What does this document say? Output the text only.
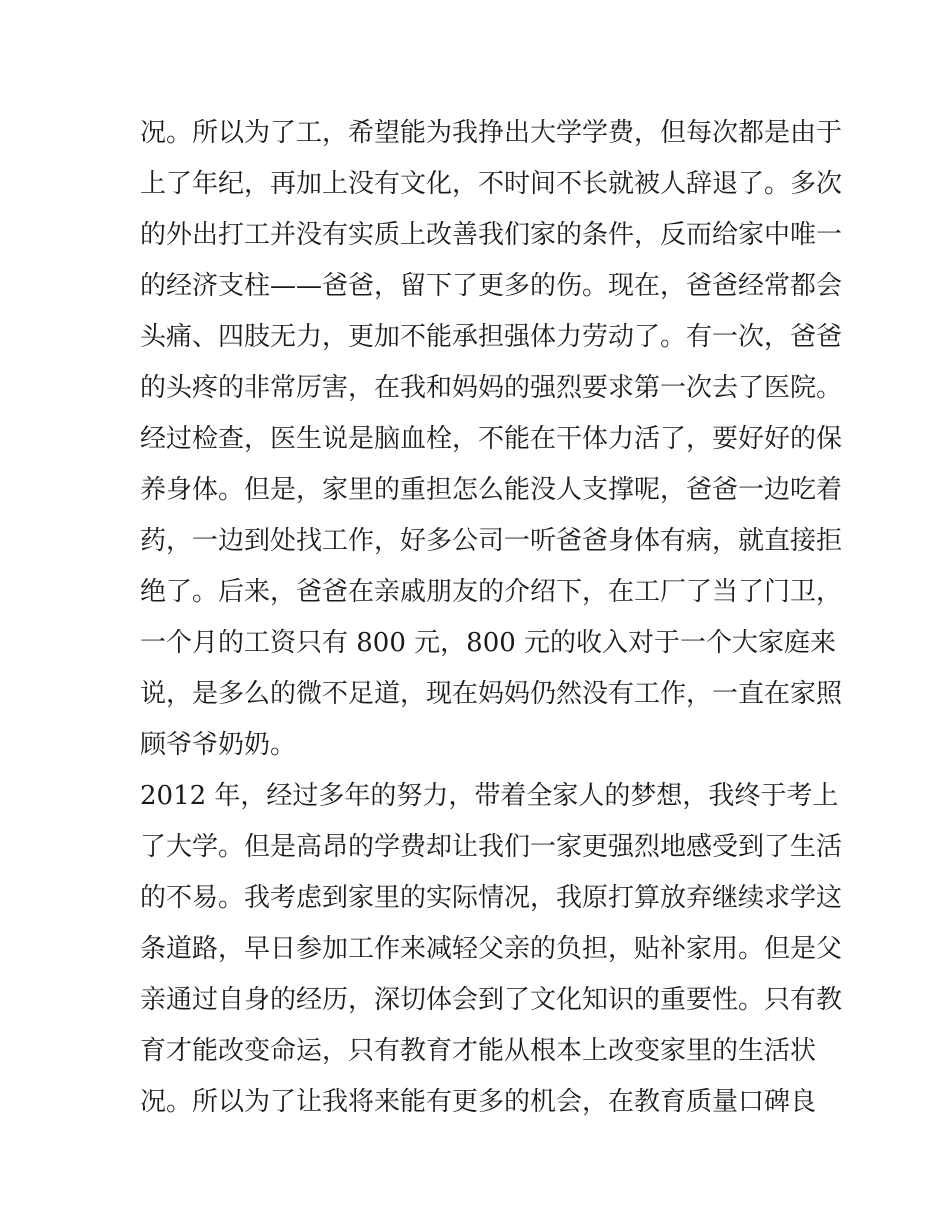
况。所以为了工，希望能为我挣出大学学费，但每次都是由于
上了年纪，再加上没有文化，不时间不长就被人辞退了。多次
的外出打工并没有实质上改善我们家的条件，反而给家中唯一
的经济支柱——爸爸，留下了更多的伤。现在，爸爸经常都会
头痛、四肢无力，更加不能承担强体力劳动了。有一次，爸爸
的头疼的非常厉害，在我和妈妈的强烈要求第一次去了医院。
经过检查，医生说是脑血栓，不能在干体力活了，要好好的保
养身体。但是，家里的重担怎么能没人支撑呢，爸爸一边吃着
药，一边到处找工作，好多公司一听爸爸身体有病，就直接拒
绝了。后来，爸爸在亲戚朋友的介绍下，在工厂了当了门卫，
一个月的工资只有 800 元，800 元的收入对于一个大家庭来
说，是多么的微不足道，现在妈妈仍然没有工作，一直在家照
顾爷爷奶奶。
2012 年，经过多年的努力，带着全家人的梦想，我终于考上
了大学。但是高昂的学费却让我们一家更强烈地感受到了生活
的不易。我考虑到家里的实际情况，我原打算放弃继续求学这
条道路，早日参加工作来减轻父亲的负担，贴补家用。但是父
亲通过自身的经历，深切体会到了文化知识的重要性。只有教
育才能改变命运，只有教育才能从根本上改变家里的生活状
况。所以为了让我将来能有更多的机会，在教育质量口碑良
